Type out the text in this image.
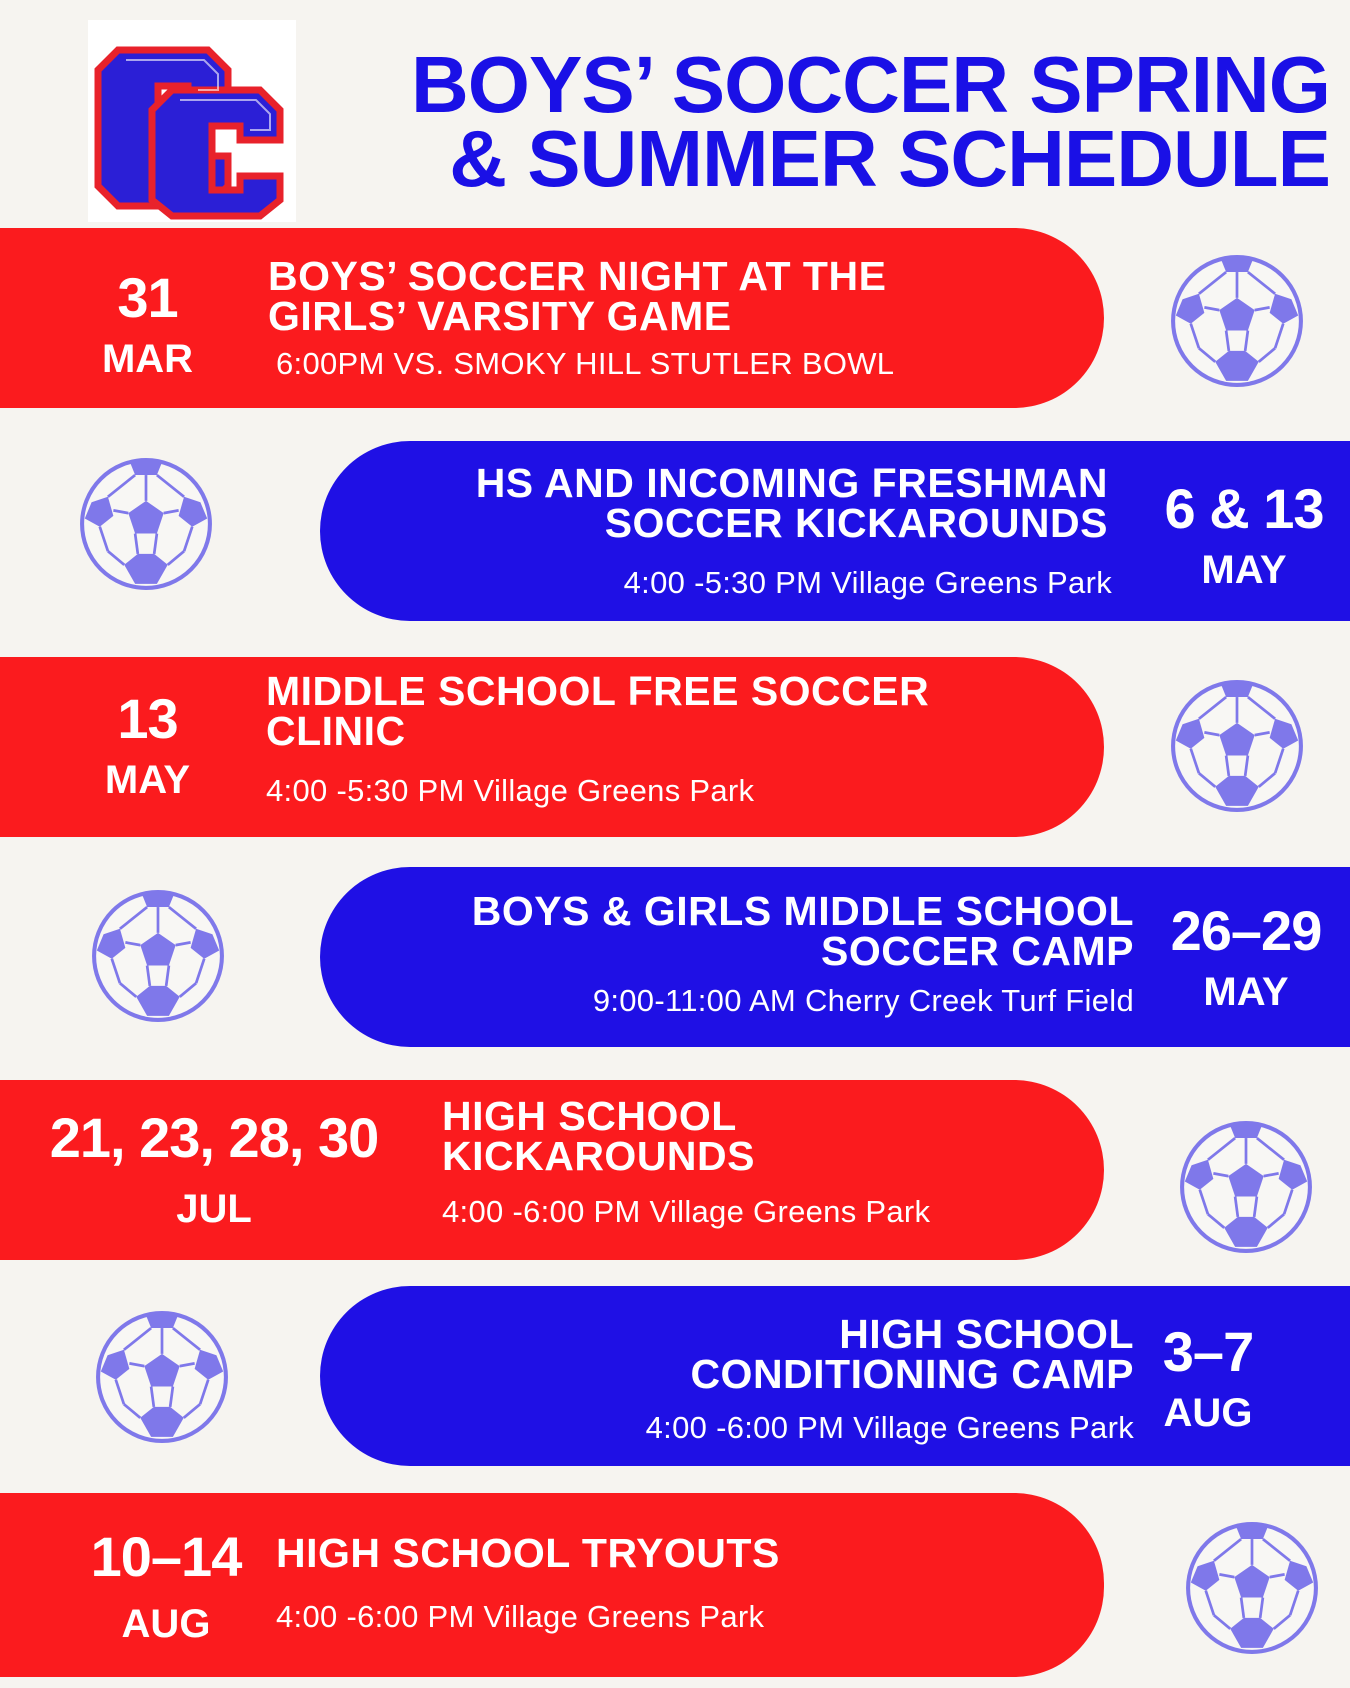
BOYS’ SOCCER SPRING
& SUMMER SCHEDULE
31
MAR
BOYS’ SOCCER NIGHT AT THE
GIRLS’ VARSITY GAME
6:00PM VS. SMOKY HILL STUTLER BOWL
HS AND INCOMING FRESHMAN
SOCCER KICKAROUNDS
4:00 -5:30 PM Village Greens Park
6 & 13
MAY
13
MAY
MIDDLE SCHOOL FREE SOCCER
CLINIC
4:00 -5:30 PM Village Greens Park
BOYS & GIRLS MIDDLE SCHOOL
SOCCER CAMP
9:00-11:00 AM Cherry Creek Turf Field
26–29
MAY
21, 23, 28, 30
JUL
HIGH SCHOOL
KICKAROUNDS
4:00 -6:00 PM Village Greens Park
HIGH SCHOOL
CONDITIONING CAMP
4:00 -6:00 PM Village Greens Park
3–7
AUG
10–14
AUG
HIGH SCHOOL TRYOUTS
4:00 -6:00 PM Village Greens Park
